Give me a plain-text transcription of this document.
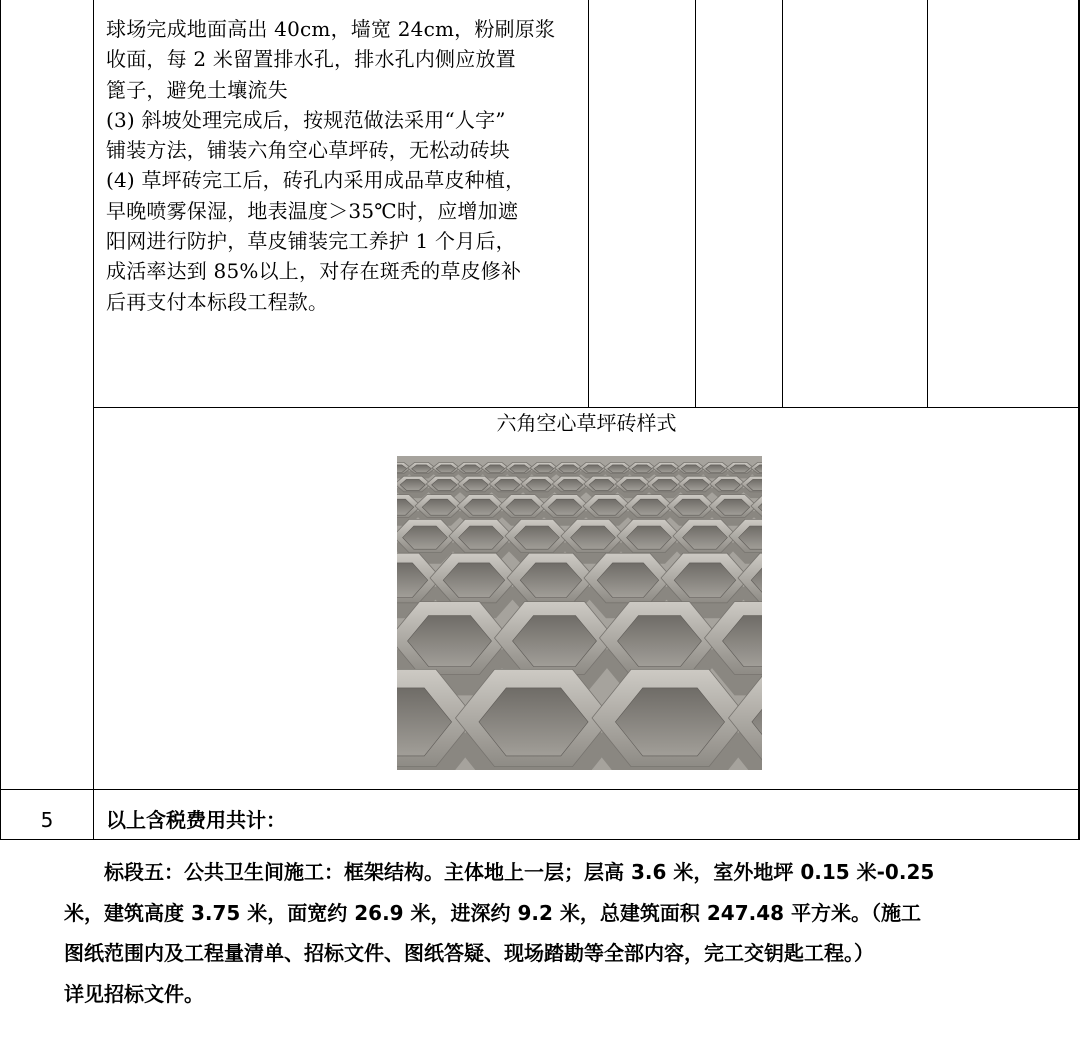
球场完成地面高出 40cm，墙宽 24cm，粉刷原浆
收面，每 2 米留置排水孔，排水孔内侧应放置
篦子，避免土壤流失
(3) 斜坡处理完成后，按规范做法采用“人字”
铺装方法，铺装六角空心草坪砖，无松动砖块
(4) 草坪砖完工后，砖孔内采用成品草皮种植，
早晚喷雾保湿，地表温度＞35℃时，应增加遮
阳网进行防护，草皮铺装完工养护 1 个月后，
成活率达到 85%以上，对存在斑秃的草皮修补
后再支付本标段工程款。
六角空心草坪砖样式
5	以上含税费用共计：
标段五：公共卫生间施工：框架结构。主体地上一层；层高 3.6 米，室外地坪 0.15 米-0.25
米，建筑高度 3.75 米，面宽约 26.9 米，进深约 9.2 米，总建筑面积 247.48 平方米。（施工
图纸范围内及工程量清单、招标文件、图纸答疑、现场踏勘等全部内容，完工交钥匙工程。）
详见招标文件。
